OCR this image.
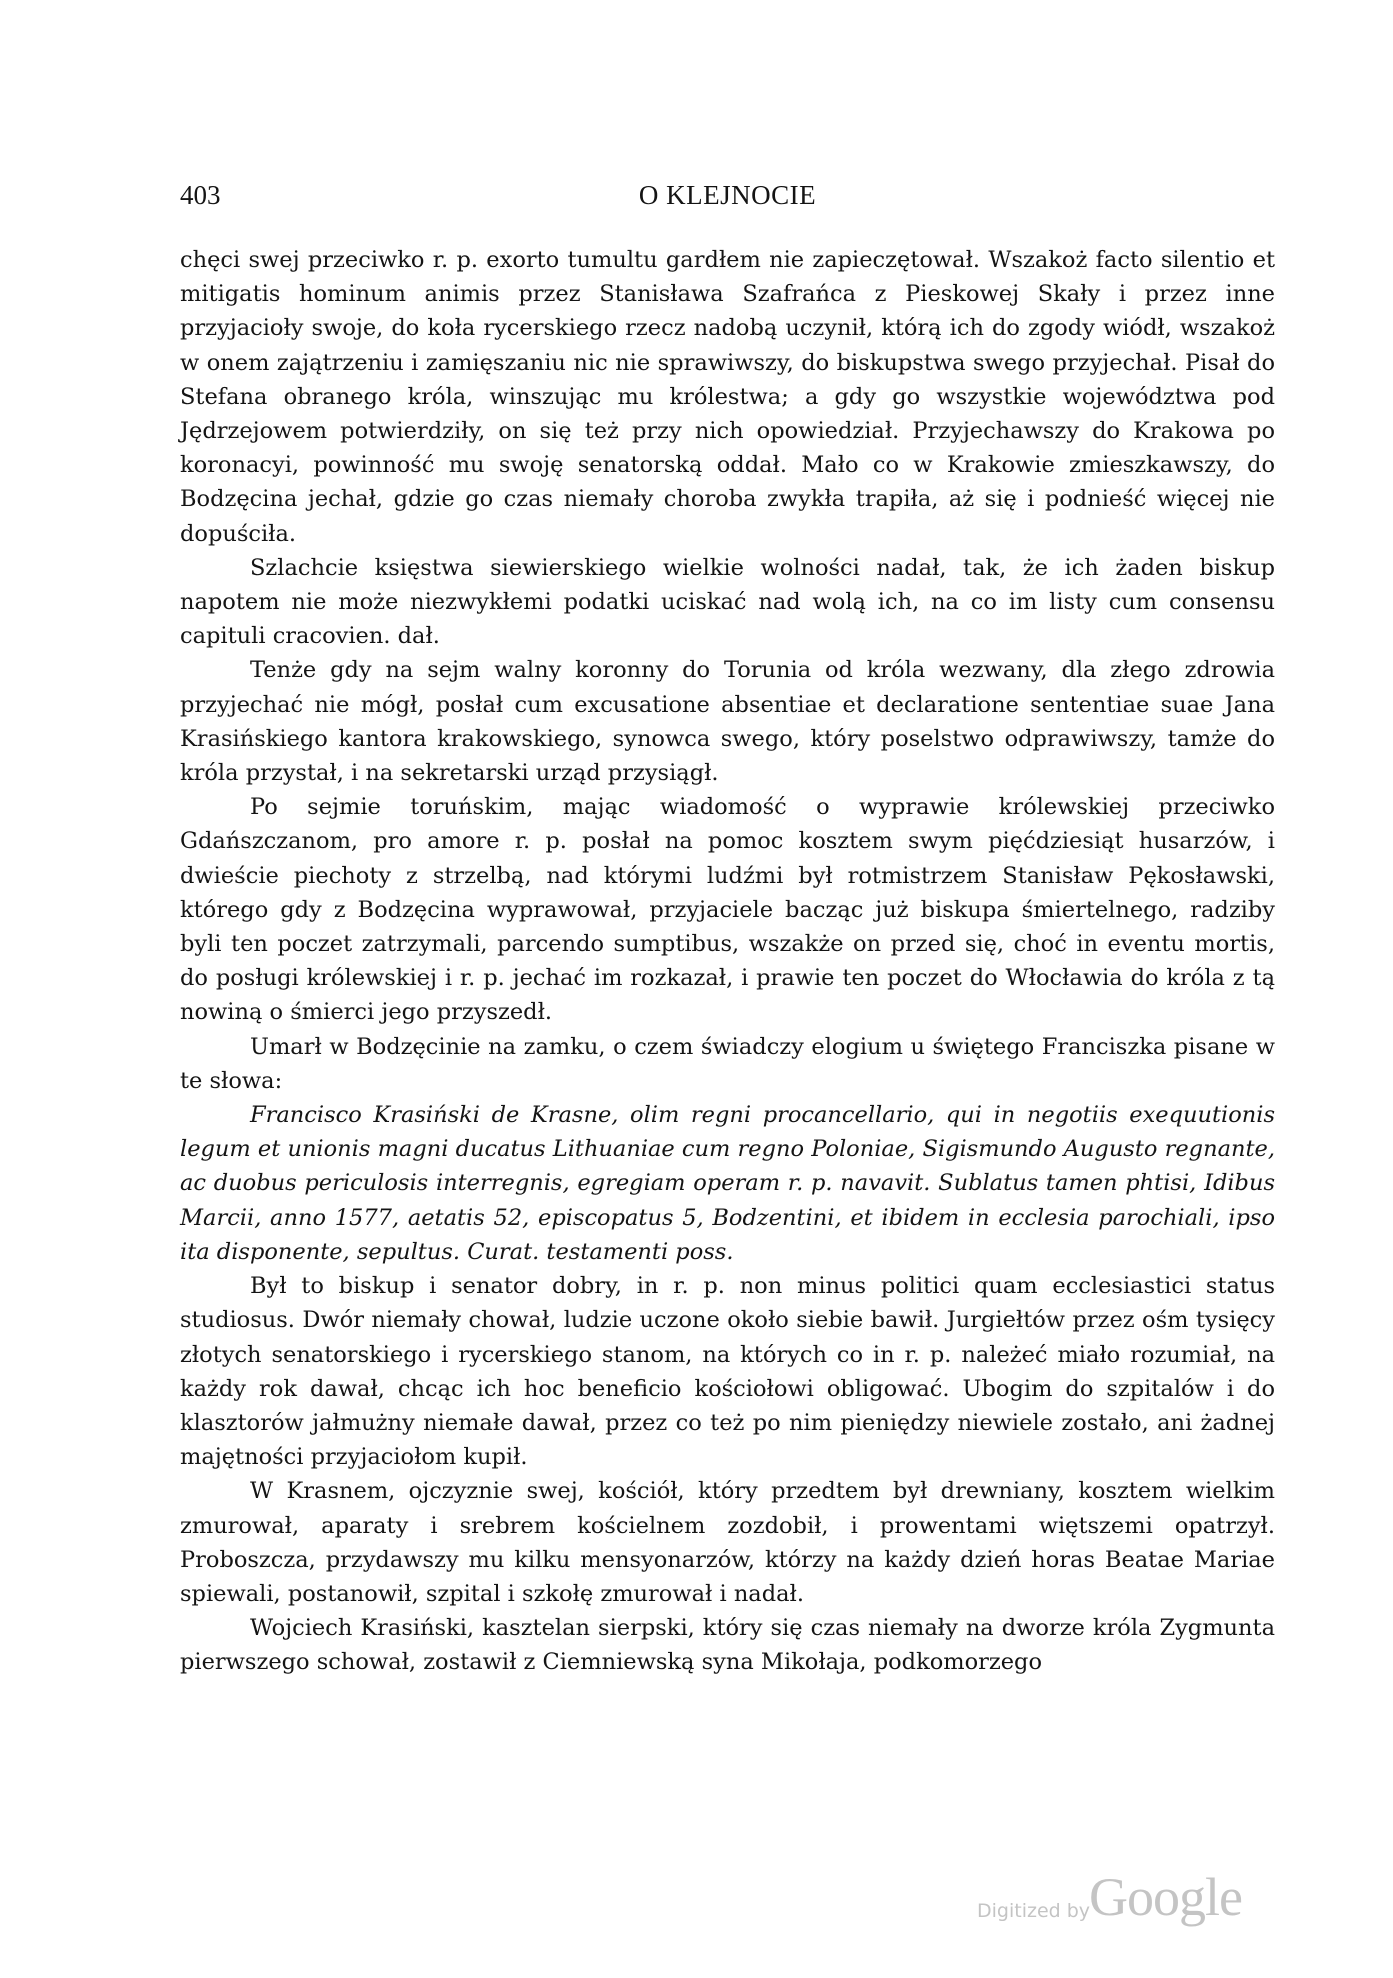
403	O KLEJNOCIE

chęci swej przeciwko r. p. exorto tumultu gardłem nie zapieczętował. Wszakoż facto silentio et mitigatis hominum animis przez Stanisława Szafrańca z Pieskowej Skały i przez inne przyjacioły swoje, do koła rycerskiego rzecz nadobą uczynił, którą ich do zgody wiódł, wszakoż w onem zajątrzeniu i zamięszaniu nic nie sprawiwszy, do biskupstwa swego przyjechał. Pisał do Stefana obranego króla, winszując mu królestwa; a gdy go wszystkie województwa pod Jędrzejowem potwierdziły, on się też przy nich opowiedział. Przyjechawszy do Krakowa po koronacyi, powinność mu swoję senatorską oddał. Mało co w Krakowie zmieszkawszy, do Bodzęcina jechał, gdzie go czas niemały choroba zwykła trapiła, aż się i podnieść więcej nie dopuściła.

Szlachcie księstwa siewierskiego wielkie wolności nadał, tak, że ich żaden biskup napotem nie może niezwykłemi podatki uciskać nad wolą ich, na co im listy cum consensu capituli cracovien. dał.

Tenże gdy na sejm walny koronny do Torunia od króla wezwany, dla złego zdrowia przyjechać nie mógł, posłał cum excusatione absentiae et declaratione sententiae suae Jana Krasińskiego kantora krakowskiego, synowca swego, który poselstwo odprawiwszy, tamże do króla przystał, i na sekretarski urząd przysiągł.

Po sejmie toruńskim, mając wiadomość o wyprawie królewskiej przeciwko Gdańszczanom, pro amore r. p. posłał na pomoc kosztem swym pięćdziesiąt husarzów, i dwieście piechoty z strzelbą, nad którymi ludźmi był rotmistrzem Stanisław Pękosławski, którego gdy z Bodzęcina wyprawował, przyjaciele bacząc już biskupa śmiertelnego, radziby byli ten poczet zatrzymali, parcendo sumptibus, wszakże on przed się, choć in eventu mortis, do posługi królewskiej i r. p. jechać im rozkazał, i prawie ten poczet do Włocławia do króla z tą nowiną o śmierci jego przyszedł.

Umarł w Bodzęcinie na zamku, o czem świadczy elogium u świętego Franciszka pisane w te słowa:

Francisco Krasiński de Krasne, olim regni procancellario, qui in negotiis exequutionis legum et unionis magni ducatus Lithuaniae cum regno Poloniae, Sigismundo Augusto regnante, ac duobus periculosis interregnis, egregiam operam r. p. navavit. Sublatus tamen phtisi, Idibus Marcii, anno 1577, aetatis 52, episcopatus 5, Bodzentini, et ibidem in ecclesia parochiali, ipso ita disponente, sepultus. Curat. testamenti poss.

Był to biskup i senator dobry, in r. p. non minus politici quam ecclesiastici status studiosus. Dwór niemały chował, ludzie uczone około siebie bawił. Jurgiełtów przez ośm tysięcy złotych senatorskiego i rycerskiego stanom, na których co in r. p. należeć miało rozumiał, na każdy rok dawał, chcąc ich hoc beneficio kościołowi obligować. Ubogim do szpitalów i do klasztorów jałmużny niemałe dawał, przez co też po nim pieniędzy niewiele zostało, ani żadnej majętności przyjaciołom kupił.

W Krasnem, ojczyznie swej, kościół, który przedtem był drewniany, kosztem wielkim zmurował, aparaty i srebrem kościelnem zozdobił, i prowentami więtszemi opatrzył. Proboszcza, przydawszy mu kilku mensyonarzów, którzy na każdy dzień horas Beatae Mariae spiewali, postanowił, szpital i szkołę zmurował i nadał.

Wojciech Krasiński, kasztelan sierpski, który się czas niemały na dworze króla Zygmunta pierwszego schował, zostawił z Ciemniewską syna Mikołaja, podkomorzego

Digitized by
Google
